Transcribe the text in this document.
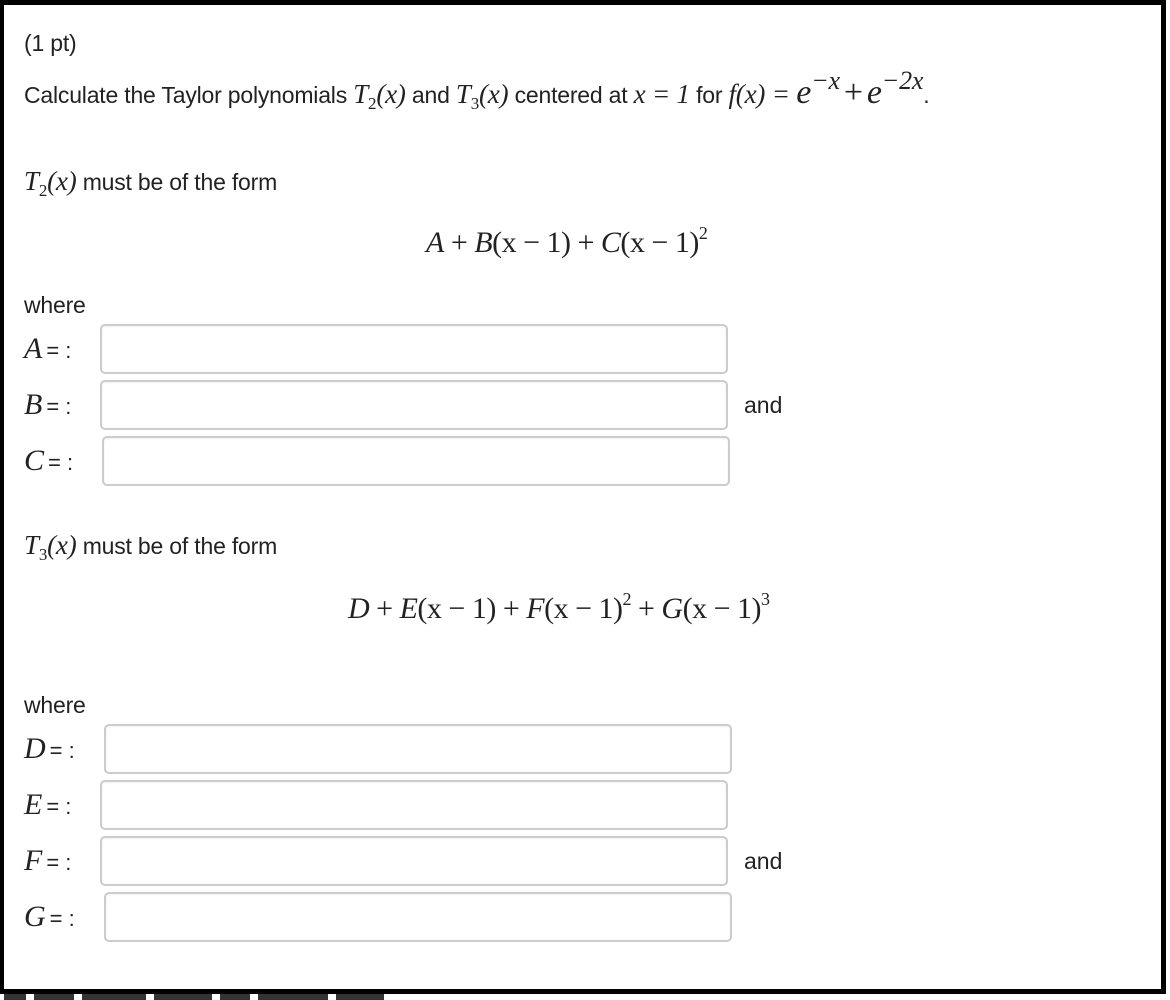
(1 pt)
Calculate the Taylor polynomials $T_2(x)$ and $T_3(x)$ centered at x = 1 for f(x) = e−x + e−2x.
$T_2(x)$ must be of the form
$A + B(x - 1) + C(x - 1)^2$
where
A = :
B = :	and
C = :
$T_3(x)$ must be of the form
$D + E(x - 1) + F(x - 1)^2 + G(x - 1)^3$
where
D = :
E = :
F = :	and
G = :
